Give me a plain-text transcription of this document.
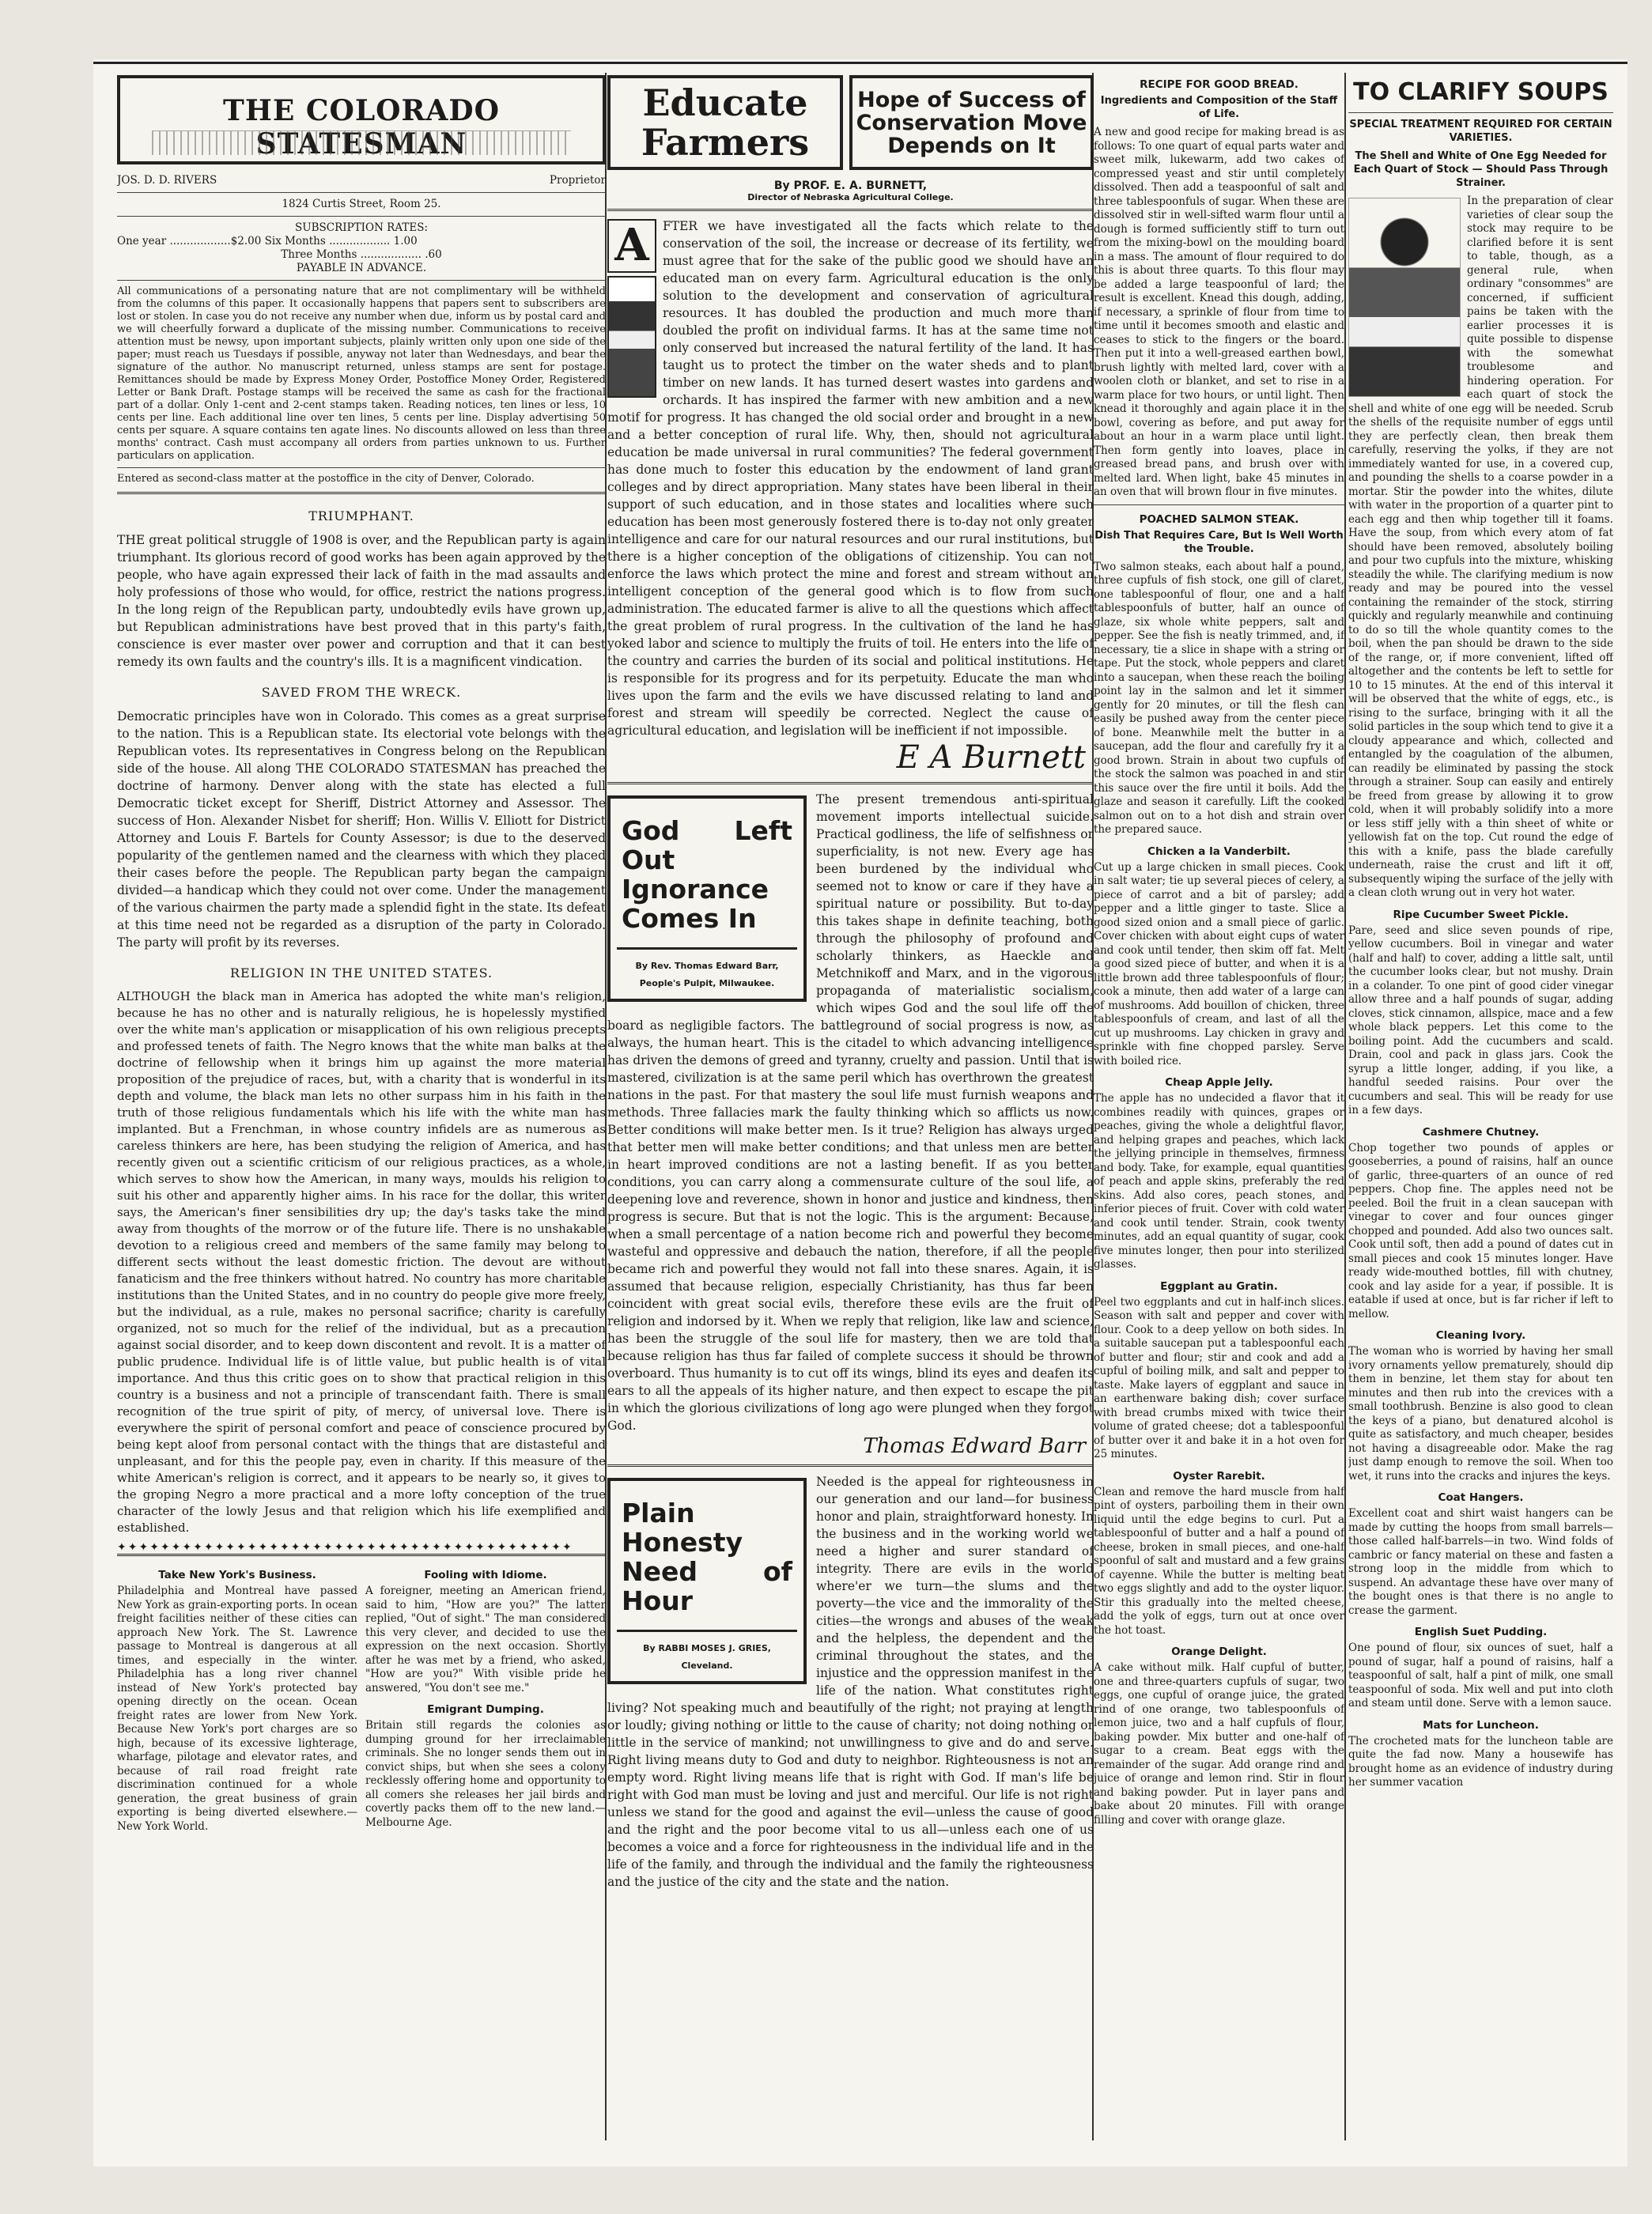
THE COLORADO STATESMAN
JOS. D. D. RIVERS	Proprietor
1824 Curtis Street, Room 25.
SUBSCRIPTION RATES:
One year ..................$2.00 Six Months .................. 1.00
Three Months .................. .60
PAYABLE IN ADVANCE.
All communications of a personating nature that are not complimentary will be withheld from the columns of this paper. It occasionally happens that papers sent to subscribers are lost or stolen. In case you do not receive any number when due, inform us by postal card and we will cheerfully forward a duplicate of the missing number. Communications to receive attention must be newsy, upon important subjects, plainly written only upon one side of the paper; must reach us Tuesdays if possible, anyway not later than Wednesdays, and bear the signature of the author. No manuscript returned, unless stamps are sent for postage. Remittances should be made by Express Money Order, Postoffice Money Order, Registered Letter or Bank Draft. Postage stamps will be received the same as cash for the fractional part of a dollar. Only 1-cent and 2-cent stamps taken. Reading notices, ten lines or less, 10 cents per line. Each additional line over ten lines, 5 cents per line. Display advertising 50 cents per square. A square contains ten agate lines. No discounts allowed on less than three months' contract. Cash must accompany all orders from parties unknown to us. Further particulars on application.
Entered as second-class matter at the postoffice in the city of Denver, Colorado.
TRIUMPHANT.
THE great political struggle of 1908 is over, and the Republican party is again triumphant. Its glorious record of good works has been again approved by the people, who have again expressed their lack of faith in the mad assaults and holy professions of those who would, for office, restrict the nations progress. In the long reign of the Republican party, undoubtedly evils have grown up, but Republican administrations have best proved that in this party's faith, conscience is ever master over power and corruption and that it can best remedy its own faults and the country's ills. It is a magnificent vindication.
SAVED FROM THE WRECK.
Democratic principles have won in Colorado. This comes as a great surprise to the nation. This is a Republican state. Its electorial vote belongs with the Republican votes. Its representatives in Congress belong on the Republican side of the house. All along THE COLORADO STATESMAN has preached the doctrine of harmony. Denver along with the state has elected a full Democratic ticket except for Sheriff, District Attorney and Assessor. The success of Hon. Alexander Nisbet for sheriff; Hon. Willis V. Elliott for District Attorney and Louis F. Bartels for County Assessor; is due to the deserved popularity of the gentlemen named and the clearness with which they placed their cases before the people. The Republican party began the campaign divided—a handicap which they could not over come. Under the management of the various chairmen the party made a splendid fight in the state. Its defeat at this time need not be regarded as a disruption of the party in Colorado. The party will profit by its reverses.
RELIGION IN THE UNITED STATES.
ALTHOUGH the black man in America has adopted the white man's religion, because he has no other and is naturally religious, he is hopelessly mystified over the white man's application or misapplication of his own religious precepts and professed tenets of faith. The Negro knows that the white man balks at the doctrine of fellowship when it brings him up against the more material proposition of the prejudice of races, but, with a charity that is wonderful in its depth and volume, the black man lets no other surpass him in his faith in the truth of those religious fundamentals which his life with the white man has implanted. But a Frenchman, in whose country infidels are as numerous as careless thinkers are here, has been studying the religion of America, and has recently given out a scientific criticism of our religious practices, as a whole, which serves to show how the American, in many ways, moulds his religion to suit his other and apparently higher aims. In his race for the dollar, this writer says, the American's finer sensibilities dry up; the day's tasks take the mind away from thoughts of the morrow or of the future life. There is no unshakable devotion to a religious creed and members of the same family may belong to different sects without the least domestic friction. The devout are without fanaticism and the free thinkers without hatred. No country has more charitable institutions than the United States, and in no country do people give more freely, but the individual, as a rule, makes no personal sacrifice; charity is carefully organized, not so much for the relief of the individual, but as a precaution against social disorder, and to keep down discontent and revolt. It is a matter of public prudence. Individual life is of little value, but public health is of vital importance. And thus this critic goes on to show that practical religion in this country is a business and not a principle of transcendant faith. There is small recognition of the true spirit of pity, of mercy, of universal love. There is everywhere the spirit of personal comfort and peace of conscience procured by being kept aloof from personal contact with the things that are distasteful and unpleasant, and for this the people pay, even in charity. If this measure of the white American's religion is correct, and it appears to be nearly so, it gives to the groping Negro a more practical and a more lofty conception of the true character of the lowly Jesus and that religion which his life exemplified and established.
✦✦✦✦✦✦✦✦✦✦✦✦✦✦✦✦✦✦✦✦✦✦✦✦✦✦✦✦✦✦✦✦✦✦✦✦✦✦✦✦✦✦
Take New York's Business.
Philadelphia and Montreal have passed New York as grain-exporting ports. In ocean freight facilities neither of these cities can approach New York. The St. Lawrence passage to Montreal is dangerous at all times, and especially in the winter. Philadelphia has a long river channel instead of New York's protected bay opening directly on the ocean. Ocean freight rates are lower from New York. Because New York's port charges are so high, because of its excessive lighterage, wharfage, pilotage and elevator rates, and because of rail road freight rate discrimination continued for a whole generation, the great business of grain exporting is being diverted elsewhere.—New York World.
Fooling with Idiome.
A foreigner, meeting an American friend, said to him, "How are you?" The latter replied, "Out of sight." The man considered this very clever, and decided to use the expression on the next occasion. Shortly after he was met by a friend, who asked, "How are you?" With visible pride he answered, "You don't see me."
Emigrant Dumping.
Britain still regards the colonies as dumping ground for her irreclaimable criminals. She no longer sends them out in convict ships, but when she sees a colony recklessly offering home and opportunity to all comers she releases her jail birds and covertly packs them off to the new land.—Melbourne Age.
Educate Farmers
Hope of Success of Conservation Move Depends on It
By PROF. E. A. BURNETT,
Director of Nebraska Agricultural College.
A	FTER we have investigated all the facts which relate to the conservation of the soil, the increase or decrease of its fertility, we must agree that for the sake of the public good we should have an educated man on every farm. Agricultural education is the only solution to the development and conservation of agricultural resources. It has doubled the production and much more than doubled the profit on individual farms. It has at the same time not only conserved but increased the natural fertility of the land. It has taught us to protect the timber on the water sheds and to plant timber on new lands. It has turned desert wastes into gardens and orchards. It has inspired the farmer with new ambition and a new motif for progress. It has changed the old social order and brought in a new and a better conception of rural life. Why, then, should not agricultural education be made universal in rural communities? The federal government has done much to foster this education by the endowment of land grant colleges and by direct appropriation. Many states have been liberal in their support of such education, and in those states and localities where such education has been most generously fostered there is to-day not only greater intelligence and care for our natural resources and our rural institutions, but there is a higher conception of the obligations of citizenship. You can not enforce the laws which protect the mine and forest and stream without an intelligent conception of the general good which is to flow from such administration. The educated farmer is alive to all the questions which affect the great problem of rural progress. In the cultivation of the land he has yoked labor and science to multiply the fruits of toil. He enters into the life of the country and carries the burden of its social and political institutions. He is responsible for its progress and for its perpetuity. Educate the man who lives upon the farm and the evils we have discussed relating to land and forest and stream will speedily be corrected. Neglect the cause of agricultural education, and legislation will be inefficient if not impossible.
E A Burnett
God Left Out Ignorance Comes In
By Rev. Thomas Edward Barr,
People's Pulpit, Milwaukee.
The present tremendous anti-spiritual movement imports intellectual suicide. Practical godliness, the life of selfishness or superficiality, is not new. Every age has been burdened by the individual who seemed not to know or care if they have a spiritual nature or possibility. But to-day this takes shape in definite teaching, both through the philosophy of profound and scholarly thinkers, as Haeckle and Metchnikoff and Marx, and in the vigorous propaganda of materialistic socialism, which wipes God and the soul life off the board as negligible factors. The battleground of social progress is now, as always, the human heart. This is the citadel to which advancing intelligence has driven the demons of greed and tyranny, cruelty and passion. Until that is mastered, civilization is at the same peril which has overthrown the greatest nations in the past. For that mastery the soul life must furnish weapons and methods. Three fallacies mark the faulty thinking which so afflicts us now. Better conditions will make better men. Is it true? Religion has always urged that better men will make better conditions; and that unless men are better in heart improved conditions are not a lasting benefit. If as you better conditions, you can carry along a commensurate culture of the soul life, a deepening love and reverence, shown in honor and justice and kindness, then progress is secure. But that is not the logic. This is the argument: Because, when a small percentage of a nation become rich and powerful they become wasteful and oppressive and debauch the nation, therefore, if all the people became rich and powerful they would not fall into these snares. Again, it is assumed that because religion, especially Christianity, has thus far been coincident with great social evils, therefore these evils are the fruit of religion and indorsed by it. When we reply that religion, like law and science, has been the struggle of the soul life for mastery, then we are told that because religion has thus far failed of complete success it should be thrown overboard. Thus humanity is to cut off its wings, blind its eyes and deafen its ears to all the appeals of its higher nature, and then expect to escape the pit in which the glorious civilizations of long ago were plunged when they forgot God.
Thomas Edward Barr
Plain Honesty Need of Hour
By RABBI MOSES J. GRIES,
Cleveland.
Needed is the appeal for righteousness in our generation and our land—for business honor and plain, straightforward honesty. In the business and in the working world we need a higher and surer standard of integrity. There are evils in the world where'er we turn—the slums and the poverty—the vice and the immorality of the cities—the wrongs and abuses of the weak and the helpless, the dependent and the criminal throughout the states, and the injustice and the oppression manifest in the life of the nation. What constitutes right living? Not speaking much and beautifully of the right; not praying at length or loudly; giving nothing or little to the cause of charity; not doing nothing or little in the service of mankind; not unwillingness to give and do and serve. Right living means duty to God and duty to neighbor. Righteousness is not an empty word. Right living means life that is right with God. If man's life be right with God man must be loving and just and merciful. Our life is not right unless we stand for the good and against the evil—unless the cause of good and the right and the poor become vital to us all—unless each one of us becomes a voice and a force for righteousness in the individual life and in the life of the family, and through the individual and the family the righteousness and the justice of the city and the state and the nation.
RECIPE FOR GOOD BREAD.
Ingredients and Composition of the Staff of Life.
A new and good recipe for making bread is as follows: To one quart of equal parts water and sweet milk, lukewarm, add two cakes of compressed yeast and stir until completely dissolved. Then add a teaspoonful of salt and three tablespoonfuls of sugar. When these are dissolved stir in well-sifted warm flour until a dough is formed sufficiently stiff to turn out from the mixing-bowl on the moulding board in a mass. The amount of flour required to do this is about three quarts. To this flour may be added a large teaspoonful of lard; the result is excellent. Knead this dough, adding, if necessary, a sprinkle of flour from time to time until it becomes smooth and elastic and ceases to stick to the fingers or the board. Then put it into a well-greased earthen bowl, brush lightly with melted lard, cover with a woolen cloth or blanket, and set to rise in a warm place for two hours, or until light. Then knead it thoroughly and again place it in the bowl, covering as before, and put away for about an hour in a warm place until light. Then form gently into loaves, place in greased bread pans, and brush over with melted lard. When light, bake 45 minutes in an oven that will brown flour in five minutes.
POACHED SALMON STEAK.
Dish That Requires Care, But Is Well Worth the Trouble.
Two salmon steaks, each about half a pound, three cupfuls of fish stock, one gill of claret, one tablespoonful of flour, one and a half tablespoonfuls of butter, half an ounce of glaze, six whole white peppers, salt and pepper. See the fish is neatly trimmed, and, if necessary, tie a slice in shape with a string or tape. Put the stock, whole peppers and claret into a saucepan, when these reach the boiling point lay in the salmon and let it simmer gently for 20 minutes, or till the flesh can easily be pushed away from the center piece of bone. Meanwhile melt the butter in a saucepan, add the flour and carefully fry it a good brown. Strain in about two cupfuls of the stock the salmon was poached in and stir this sauce over the fire until it boils. Add the glaze and season it carefully. Lift the cooked salmon out on to a hot dish and strain over the prepared sauce.
Chicken a la Vanderbilt.
Cut up a large chicken in small pieces. Cook in salt water; tie up several pieces of celery, a piece of carrot and a bit of parsley; add pepper and a little ginger to taste. Slice a good sized onion and a small piece of garlic. Cover chicken with about eight cups of water and cook until tender, then skim off fat. Melt a good sized piece of butter, and when it is a little brown add three tablespoonfuls of flour; cook a minute, then add water of a large can of mushrooms. Add bouillon of chicken, three tablespoonfuls of cream, and last of all the cut up mushrooms. Lay chicken in gravy and sprinkle with fine chopped parsley. Serve with boiled rice.
Cheap Apple Jelly.
The apple has no undecided a flavor that it combines readily with quinces, grapes or peaches, giving the whole a delightful flavor, and helping grapes and peaches, which lack the jellying principle in themselves, firmness and body. Take, for example, equal quantities of peach and apple skins, preferably the red skins. Add also cores, peach stones, and inferior pieces of fruit. Cover with cold water and cook until tender. Strain, cook twenty minutes, add an equal quantity of sugar, cook five minutes longer, then pour into sterilized glasses.
Eggplant au Gratin.
Peel two eggplants and cut in half-inch slices. Season with salt and pepper and cover with flour. Cook to a deep yellow on both sides. In a suitable saucepan put a tablespoonful each of butter and flour; stir and cook and add a cupful of boiling milk, and salt and pepper to taste. Make layers of eggplant and sauce in an earthenware baking dish; cover surface with bread crumbs mixed with twice their volume of grated cheese; dot a tablespoonful of butter over it and bake it in a hot oven for 25 minutes.
Oyster Rarebit.
Clean and remove the hard muscle from half pint of oysters, parboiling them in their own liquid until the edge begins to curl. Put a tablespoonful of butter and a half a pound of cheese, broken in small pieces, and one-half spoonful of salt and mustard and a few grains of cayenne. While the butter is melting beat two eggs slightly and add to the oyster liquor. Stir this gradually into the melted cheese, add the yolk of eggs, turn out at once over the hot toast.
Orange Delight.
A cake without milk. Half cupful of butter, one and three-quarters cupfuls of sugar, two eggs, one cupful of orange juice, the grated rind of one orange, two tablespoonfuls of lemon juice, two and a half cupfuls of flour, baking powder. Mix butter and one-half of sugar to a cream. Beat eggs with the remainder of the sugar. Add orange rind and juice of orange and lemon rind. Stir in flour and baking powder. Put in layer pans and bake about 20 minutes. Fill with orange filling and cover with orange glaze.
TO CLARIFY SOUPS
SPECIAL TREATMENT REQUIRED FOR CERTAIN VARIETIES.
The Shell and White of One Egg Needed for Each Quart of Stock — Should Pass Through Strainer.
In the preparation of clear varieties of clear soup the stock may require to be clarified before it is sent to table, though, as a general rule, when ordinary "consommes" are concerned, if sufficient pains be taken with the earlier processes it is quite possible to dispense with the somewhat troublesome and hindering operation. For each quart of stock the shell and white of one egg will be needed. Scrub the shells of the requisite number of eggs until they are perfectly clean, then break them carefully, reserving the yolks, if they are not immediately wanted for use, in a covered cup, and pounding the shells to a coarse powder in a mortar. Stir the powder into the whites, dilute with water in the proportion of a quarter pint to each egg and then whip together till it foams. Have the soup, from which every atom of fat should have been removed, absolutely boiling and pour two cupfuls into the mixture, whisking steadily the while. The clarifying medium is now ready and may be poured into the vessel containing the remainder of the stock, stirring quickly and regularly meanwhile and continuing to do so till the whole quantity comes to the boil, when the pan should be drawn to the side of the range, or, if more convenient, lifted off altogether and the contents be left to settle for 10 to 15 minutes. At the end of this interval it will be observed that the white of eggs, etc., is rising to the surface, bringing with it all the solid particles in the soup which tend to give it a cloudy appearance and which, collected and entangled by the coagulation of the albumen, can readily be eliminated by passing the stock through a strainer. Soup can easily and entirely be freed from grease by allowing it to grow cold, when it will probably solidify into a more or less stiff jelly with a thin sheet of white or yellowish fat on the top. Cut round the edge of this with a knife, pass the blade carefully underneath, raise the crust and lift it off, subsequently wiping the surface of the jelly with a clean cloth wrung out in very hot water.
Ripe Cucumber Sweet Pickle.
Pare, seed and slice seven pounds of ripe, yellow cucumbers. Boil in vinegar and water (half and half) to cover, adding a little salt, until the cucumber looks clear, but not mushy. Drain in a colander. To one pint of good cider vinegar allow three and a half pounds of sugar, adding cloves, stick cinnamon, allspice, mace and a few whole black peppers. Let this come to the boiling point. Add the cucumbers and scald. Drain, cool and pack in glass jars. Cook the syrup a little longer, adding, if you like, a handful seeded raisins. Pour over the cucumbers and seal. This will be ready for use in a few days.
Cashmere Chutney.
Chop together two pounds of apples or gooseberries, a pound of raisins, half an ounce of garlic, three-quarters of an ounce of red peppers. Chop fine. The apples need not be peeled. Boil the fruit in a clean saucepan with vinegar to cover and four ounces ginger chopped and pounded. Add also two ounces salt. Cook until soft, then add a pound of dates cut in small pieces and cook 15 minutes longer. Have ready wide-mouthed bottles, fill with chutney, cook and lay aside for a year, if possible. It is eatable if used at once, but is far richer if left to mellow.
Cleaning Ivory.
The woman who is worried by having her small ivory ornaments yellow prematurely, should dip them in benzine, let them stay for about ten minutes and then rub into the crevices with a small toothbrush. Benzine is also good to clean the keys of a piano, but denatured alcohol is quite as satisfactory, and much cheaper, besides not having a disagreeable odor. Make the rag just damp enough to remove the soil. When too wet, it runs into the cracks and injures the keys.
Coat Hangers.
Excellent coat and shirt waist hangers can be made by cutting the hoops from small barrels—those called half-barrels—in two. Wind folds of cambric or fancy material on these and fasten a strong loop in the middle from which to suspend. An advantage these have over many of the bought ones is that there is no angle to crease the garment.
English Suet Pudding.
One pound of flour, six ounces of suet, half a pound of sugar, half a pound of raisins, half a teaspoonful of salt, half a pint of milk, one small teaspoonful of soda. Mix well and put into cloth and steam until done. Serve with a lemon sauce.
Mats for Luncheon.
The crocheted mats for the luncheon table are quite the fad now. Many a housewife has brought home as an evidence of industry during her summer vacation
